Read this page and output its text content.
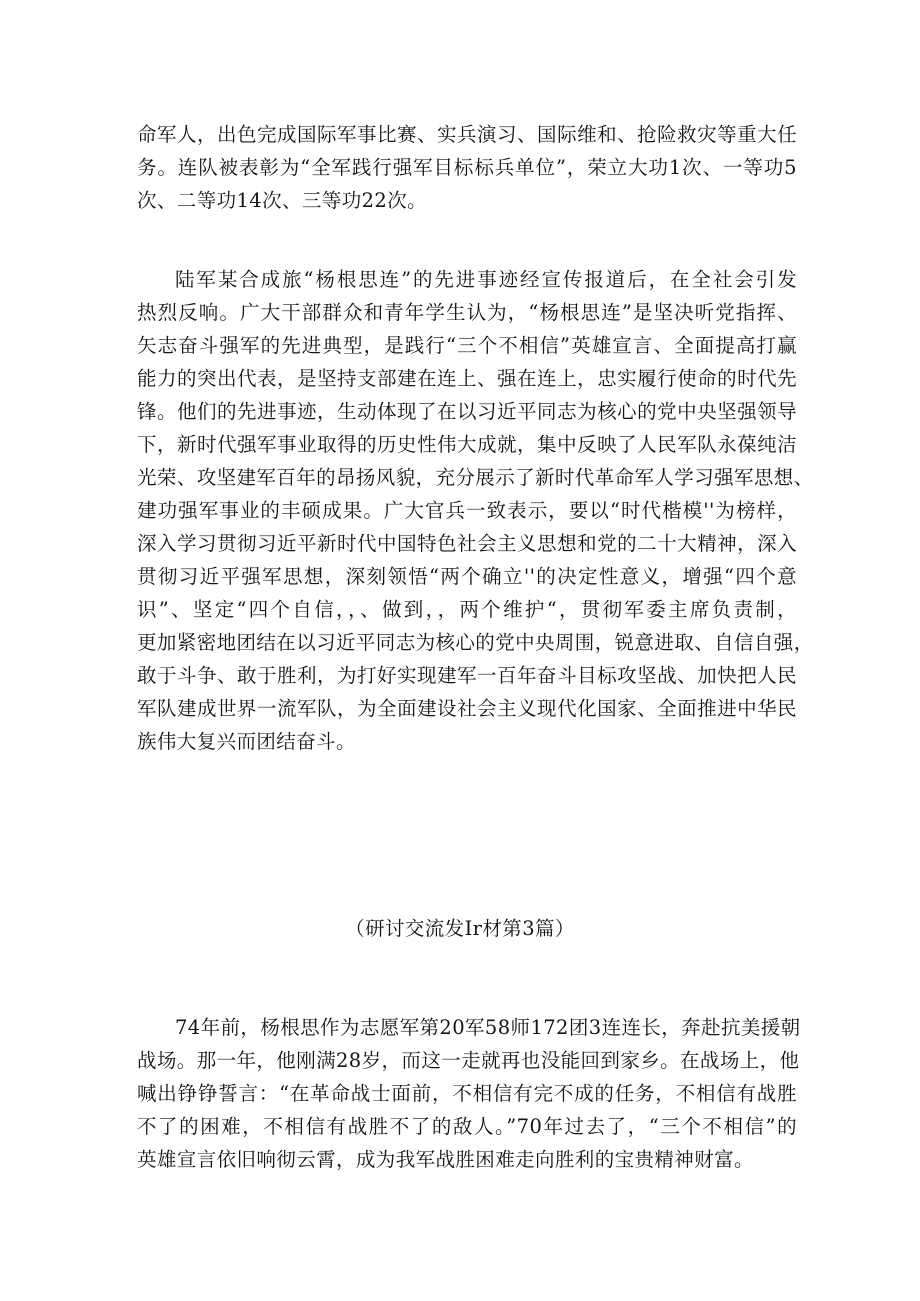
命军人，出色完成国际军事比赛、实兵演习、国际维和、抢险救灾等重大任
务。连队被表彰为“全军践行强军目标标兵单位”，荣立大功1次、一等功5
次、二等功14次、三等功22次。
陆军某合成旅“杨根思连”的先进事迹经宣传报道后，在全社会引发
热烈反响。广大干部群众和青年学生认为，“杨根思连”是坚决听党指挥、
矢志奋斗强军的先进典型，是践行“三个不相信”英雄宣言、全面提高打赢
能力的突出代表，是坚持支部建在连上、强在连上，忠实履行使命的时代先
锋。他们的先进事迹，生动体现了在以习近平同志为核心的党中央坚强领导
下，新时代强军事业取得的历史性伟大成就，集中反映了人民军队永葆纯洁
光荣、攻坚建军百年的昂扬风貌，充分展示了新时代革命军人学习强军思想、
建功强军事业的丰硕成果。广大官兵一致表示，要以“时代楷模''为榜样，
深入学习贯彻习近平新时代中国特色社会主义思想和党的二十大精神，深入
贯彻习近平强军思想，深刻领悟“两个确立''的决定性意义，增强“四个意
识”、坚定“四个自信，，、做到，，两个维护“，贯彻军委主席负责制，
更加紧密地团结在以习近平同志为核心的党中央周围，锐意进取、自信自强，
敢于斗争、敢于胜利，为打好实现建军一百年奋斗目标攻坚战、加快把人民
军队建成世界一流军队，为全面建设社会主义现代化国家、全面推进中华民
族伟大复兴而团结奋斗。
（研讨交流发Ir材第3篇）
74年前，杨根思作为志愿军第20军58师172团3连连长，奔赴抗美援朝
战场。那一年，他刚满28岁，而这一走就再也没能回到家乡。在战场上，他
喊出铮铮誓言：“在革命战士面前，不相信有完不成的任务，不相信有战胜
不了的困难，不相信有战胜不了的敌人。”70年过去了，“三个不相信”的
英雄宣言依旧响彻云霄，成为我军战胜困难走向胜利的宝贵精神财富。
